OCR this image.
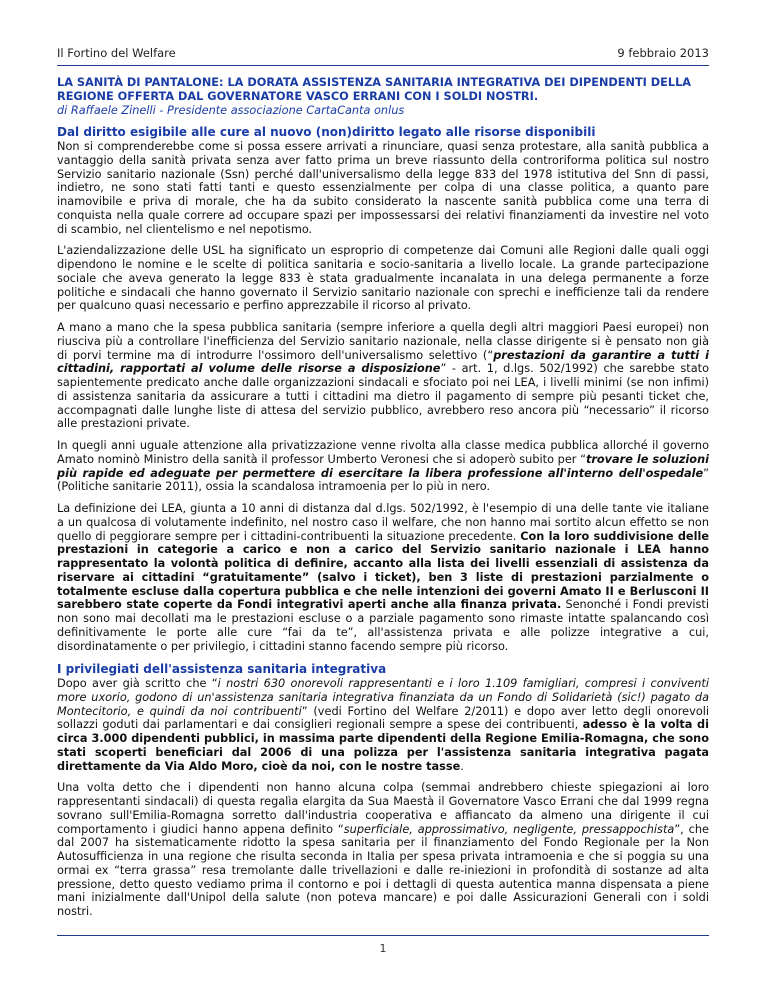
Il Fortino del Welfare	9 febbraio 2013

LA SANITÀ DI PANTALONE: LA DORATA ASSISTENZA SANITARIA INTEGRATIVA DEI DIPENDENTI DELLA REGIONE OFFERTA DAL GOVERNATORE VASCO ERRANI CON I SOLDI NOSTRI.

di Raffaele Zinelli - Presidente associazione CartaCanta onlus

Dal diritto esigibile alle cure al nuovo (non)diritto legato alle risorse disponibili

Non si comprenderebbe come si possa essere arrivati a rinunciare, quasi senza protestare, alla sanità pubblica a vantaggio della sanità privata senza aver fatto prima un breve riassunto della controriforma politica sul nostro Servizio sanitario nazionale (Ssn) perché dall'universalismo della legge 833 del 1978 istitutiva del Snn di passi, indietro, ne sono stati fatti tanti e questo essenzialmente per colpa di una classe politica, a quanto pare inamovibile e priva di morale, che ha da subito considerato la nascente sanità pubblica come una terra di conquista nella quale correre ad occupare spazi per impossessarsi dei relativi finanziamenti da investire nel voto di scambio, nel clientelismo e nel nepotismo.

L'aziendalizzazione delle USL ha significato un esproprio di competenze dai Comuni alle Regioni dalle quali oggi dipendono le nomine e le scelte di politica sanitaria e socio-sanitaria a livello locale. La grande partecipazione sociale che aveva generato la legge 833 è stata gradualmente incanalata in una delega permanente a forze politiche e sindacali che hanno governato il Servizio sanitario nazionale con sprechi e inefficienze tali da rendere per qualcuno quasi necessario e perfino apprezzabile il ricorso al privato.

A mano a mano che la spesa pubblica sanitaria (sempre inferiore a quella degli altri maggiori Paesi europei) non riusciva più a controllare l'inefficienza del Servizio sanitario nazionale, nella classe dirigente si è pensato non già di porvi termine ma di introdurre l'ossimoro dell'universalismo selettivo (“prestazioni da garantire a tutti i cittadini, rapportati al volume delle risorse a disposizione” - art. 1, d.lgs. 502/1992) che sarebbe stato sapientemente predicato anche dalle organizzazioni sindacali e sfociato poi nei LEA, i livelli minimi (se non infimi) di assistenza sanitaria da assicurare a tutti i cittadini ma dietro il pagamento di sempre più pesanti ticket che, accompagnati dalle lunghe liste di attesa del servizio pubblico, avrebbero reso ancora più “necessario” il ricorso alle prestazioni private.

In quegli anni uguale attenzione alla privatizzazione venne rivolta alla classe medica pubblica allorché il governo Amato nominò Ministro della sanità il professor Umberto Veronesi che si adoperò subito per “trovare le soluzioni più rapide ed adeguate per permettere di esercitare la libera professione all'interno dell'ospedale” (Politiche sanitarie 2011), ossia la scandalosa intramoenia per lo più in nero.

La definizione dei LEA, giunta a 10 anni di distanza dal d.lgs. 502/1992, è l'esempio di una delle tante vie italiane a un qualcosa di volutamente indefinito, nel nostro caso il welfare, che non hanno mai sortito alcun effetto se non quello di peggiorare sempre per i cittadini-contribuenti la situazione precedente. Con la loro suddivisione delle prestazioni in categorie a carico e non a carico del Servizio sanitario nazionale i LEA hanno rappresentato la volontà politica di definire, accanto alla lista dei livelli essenziali di assistenza da riservare ai cittadini “gratuitamente” (salvo i ticket), ben 3 liste di prestazioni parzialmente o totalmente escluse dalla copertura pubblica e che nelle intenzioni dei governi Amato II e Berlusconi II sarebbero state coperte da Fondi integrativi aperti anche alla finanza privata. Senonché i Fondi previsti non sono mai decollati ma le prestazioni escluse o a parziale pagamento sono rimaste intatte spalancando così definitivamente le porte alle cure “fai da te”, all'assistenza privata e alle polizze integrative a cui, disordinatamente o per privilegio, i cittadini stanno facendo sempre più ricorso.

I privilegiati dell'assistenza sanitaria integrativa

Dopo aver già scritto che “i nostri 630 onorevoli rappresentanti e i loro 1.109 famigliari, compresi i conviventi more uxorio, godono di un'assistenza sanitaria integrativa finanziata da un Fondo di Solidarietà (sic!) pagato da Montecitorio, e quindi da noi contribuenti” (vedi Fortino del Welfare 2/2011) e dopo aver letto degli onorevoli sollazzi goduti dai parlamentari e dai consiglieri regionali sempre a spese dei contribuenti, adesso è la volta di circa 3.000 dipendenti pubblici, in massima parte dipendenti della Regione Emilia-Romagna, che sono stati scoperti beneficiari dal 2006 di una polizza per l'assistenza sanitaria integrativa pagata direttamente da Via Aldo Moro, cioè da noi, con le nostre tasse.

Una volta detto che i dipendenti non hanno alcuna colpa (semmai andrebbero chieste spiegazioni ai loro rappresentanti sindacali) di questa regalìa elargita da Sua Maestà il Governatore Vasco Errani che dal 1999 regna sovrano sull'Emilia-Romagna sorretto dall'industria cooperativa e affiancato da almeno una dirigente il cui comportamento i giudici hanno appena definito “superficiale, approssimativo, negligente, pressappochista”, che dal 2007 ha sistematicamente ridotto la spesa sanitaria per il finanziamento del Fondo Regionale per la Non Autosufficienza in una regione che risulta seconda in Italia per spesa privata intramoenia e che si poggia su una ormai ex “terra grassa” resa tremolante dalle trivellazioni e dalle re-iniezioni in profondità di sostanze ad alta pressione, detto questo vediamo prima il contorno e poi i dettagli di questa autentica manna dispensata a piene mani inizialmente dall'Unipol della salute (non poteva mancare) e poi dalle Assicurazioni Generali con i soldi nostri.

1
